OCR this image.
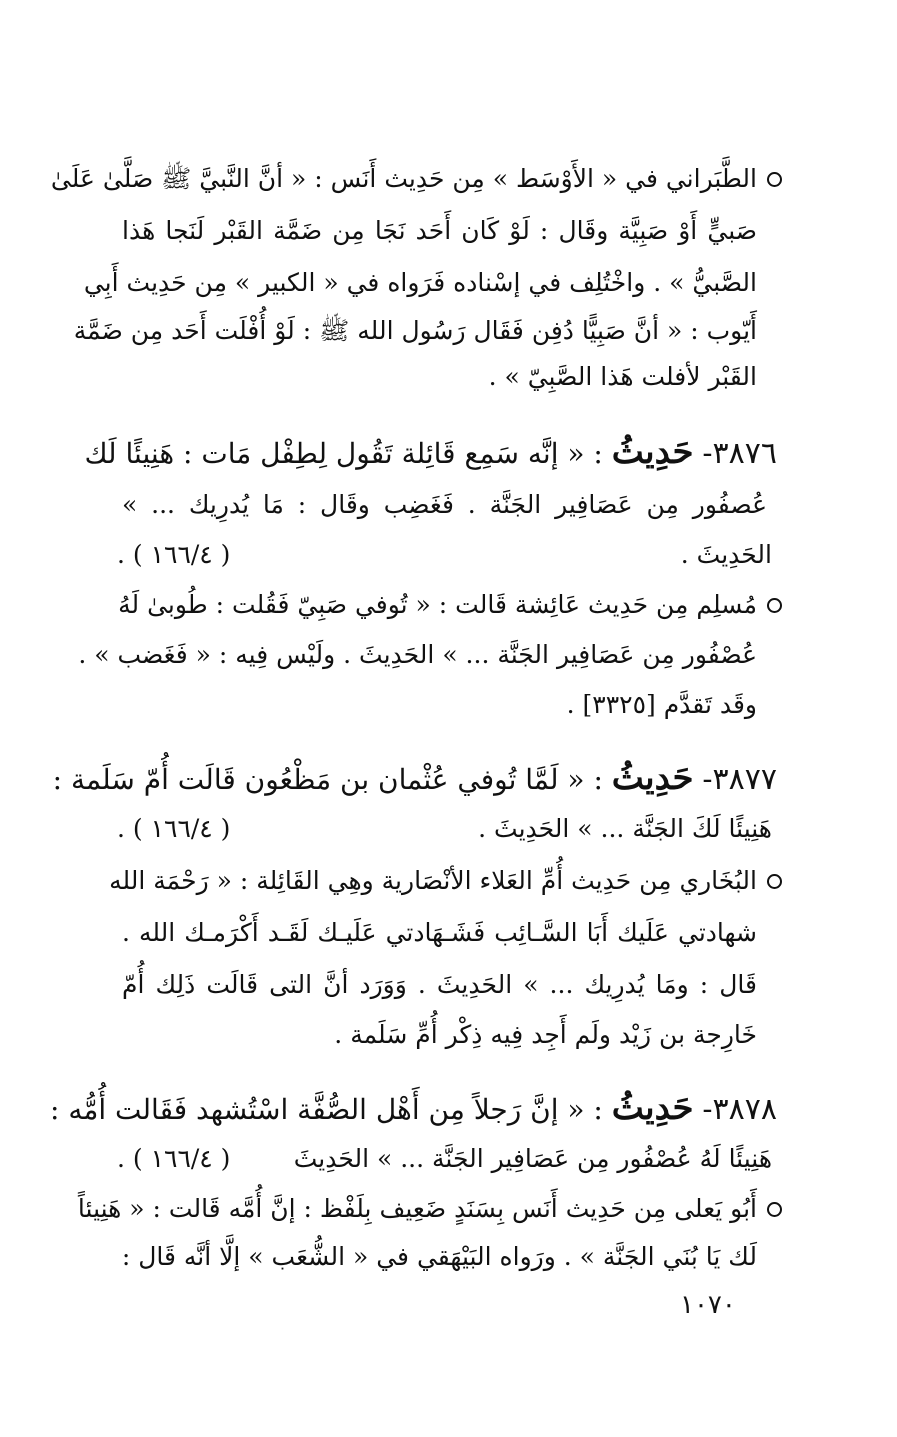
الطَّبَراني في « الأَوْسَط » مِن حَدِيث أَنَس : « أنَّ النَّبيَّ ﷺ صَلَّىٰ عَلَىٰ
صَبيٍّ أَوْ صَبِيَّة وقَال : لَوْ كَان أَحَد نَجَا مِن ضَمَّة القَبْر لَنَجا هَذا
الصَّبيُّ » . واخْتُلِف في إسْناده فَرَواه في « الكبير » مِن حَدِيث أَبِي
أَيّوب : « أنَّ صَبِيًّا دُفِن فَقَال رَسُول الله ﷺ : لَوْ أُفْلَت أَحَد مِن ضَمَّة
القَبْر لأفلت هَذا الصَّبِيّ » .
٣٨٧٦- حَدِيثُ : « إنَّه سَمِع قَائِلة تَقُول لِطِفْل مَات : هَنِيئًا لَك
عُصفُور مِن عَصَافِير الجَنَّة . فَغَضِب وقَال : مَا يُدرِيك ... »
الحَدِيثَ .
( ١٦٦/٤ ) .
مُسلِم مِن حَدِيث عَائِشة قَالت : « تُوفي صَبِيّ فَقُلت : طُوبىٰ لَهُ
عُصْفُور مِن عَصَافِير الجَنَّة ... » الحَدِيثَ . ولَيْس فِيه : « فَغَضب » .
وقَد تَقدَّم [٣٣٢٥] .
٣٨٧٧- حَدِيثُ : « لَمَّا تُوفي عُثْمان بن مَظْعُون قَالَت أُمّ سَلَمة :
هَنِيئًا لَكَ الجَنَّة ... » الحَدِيثَ .
( ١٦٦/٤ ) .
البُخَاري مِن حَدِيث أُمِّ العَلاء الأنْصَارية وهِي القَائِلة : « رَحْمَة الله
شهادتي عَلَيك أَبَا السَّـائِب فَشَـهَادتي عَلَيـك لَقَـد أَكْرَمـك الله .
قَال : ومَا يُدرِيك ... » الحَدِيثَ . وَوَرَد أنَّ التى قَالَت ذَلِك أُمّ
خَارِجة بن زَيْد ولَم أَجِد فِيه ذِكْر أُمِّ سَلَمة .
٣٨٧٨- حَدِيثُ : « إنَّ رَجلاً مِن أَهْل الصُّفَّة اسْتُشهد فَقَالت أُمُّه :
هَنِيئًا لَهُ عُصْفُور مِن عَصَافِير الجَنَّة ... » الحَدِيثَ
( ١٦٦/٤ ) .
أَبُو يَعلى مِن حَدِيث أَنَس بِسَنَدٍ ضَعِيف بِلَفْظ : إنَّ أُمَّه قَالت : « هَنِيئاً
لَك يَا بُنَي الجَنَّة » . ورَواه البَيْهَقي في « الشُّعَب » إلَّا أنَّه قَال :
١٠٧٠
